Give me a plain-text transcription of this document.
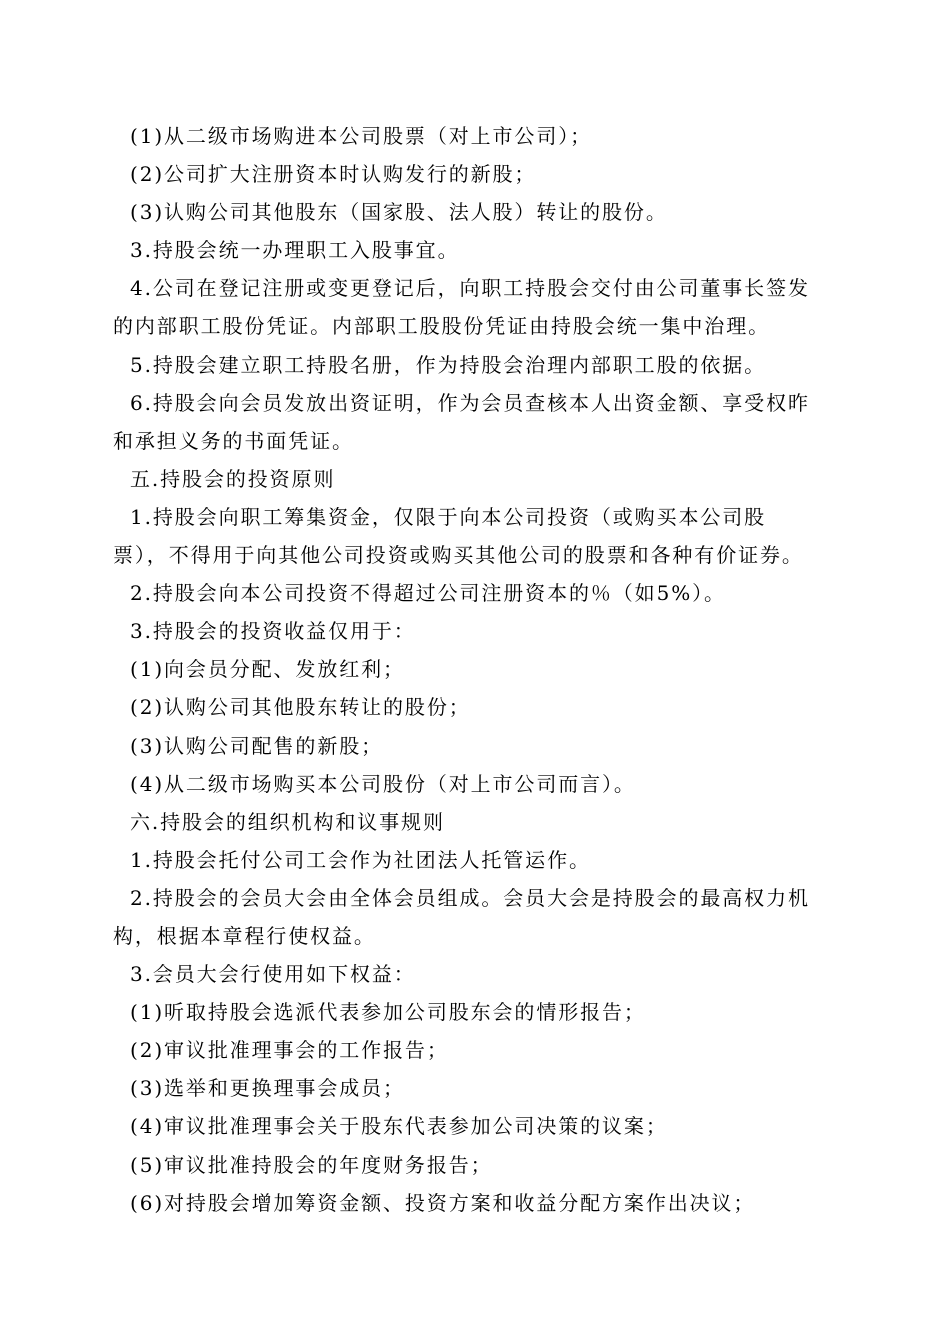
(1)从二级市场购进本公司股票（对上市公司）；
(2)公司扩大注册资本时认购发行的新股；
(3)认购公司其他股东（国家股、法人股）转让的股份。
3.持股会统一办理职工入股事宜。
4.公司在登记注册或变更登记后，向职工持股会交付由公司董事长签发
的内部职工股份凭证。内部职工股股份凭证由持股会统一集中治理。
5.持股会建立职工持股名册，作为持股会治理内部职工股的依据。
6.持股会向会员发放出资证明，作为会员查核本人出资金额、享受权昨
和承担义务的书面凭证。
五.持股会的投资原则
1.持股会向职工筹集资金，仅限于向本公司投资（或购买本公司股
票），不得用于向其他公司投资或购买其他公司的股票和各种有价证券。
2.持股会向本公司投资不得超过公司注册资本的％（如5%）。
3.持股会的投资收益仅用于：
(1)向会员分配、发放红利；
(2)认购公司其他股东转让的股份；
(3)认购公司配售的新股；
(4)从二级市场购买本公司股份（对上市公司而言）。
六.持股会的组织机构和议事规则
1.持股会托付公司工会作为社团法人托管运作。
2.持股会的会员大会由全体会员组成。会员大会是持股会的最高权力机
构，根据本章程行使权益。
3.会员大会行使用如下权益：
(1)听取持股会选派代表参加公司股东会的情形报告；
(2)审议批准理事会的工作报告；
(3)选举和更换理事会成员；
(4)审议批准理事会关于股东代表参加公司决策的议案；
(5)审议批准持股会的年度财务报告；
(6)对持股会增加筹资金额、投资方案和收益分配方案作出决议；
